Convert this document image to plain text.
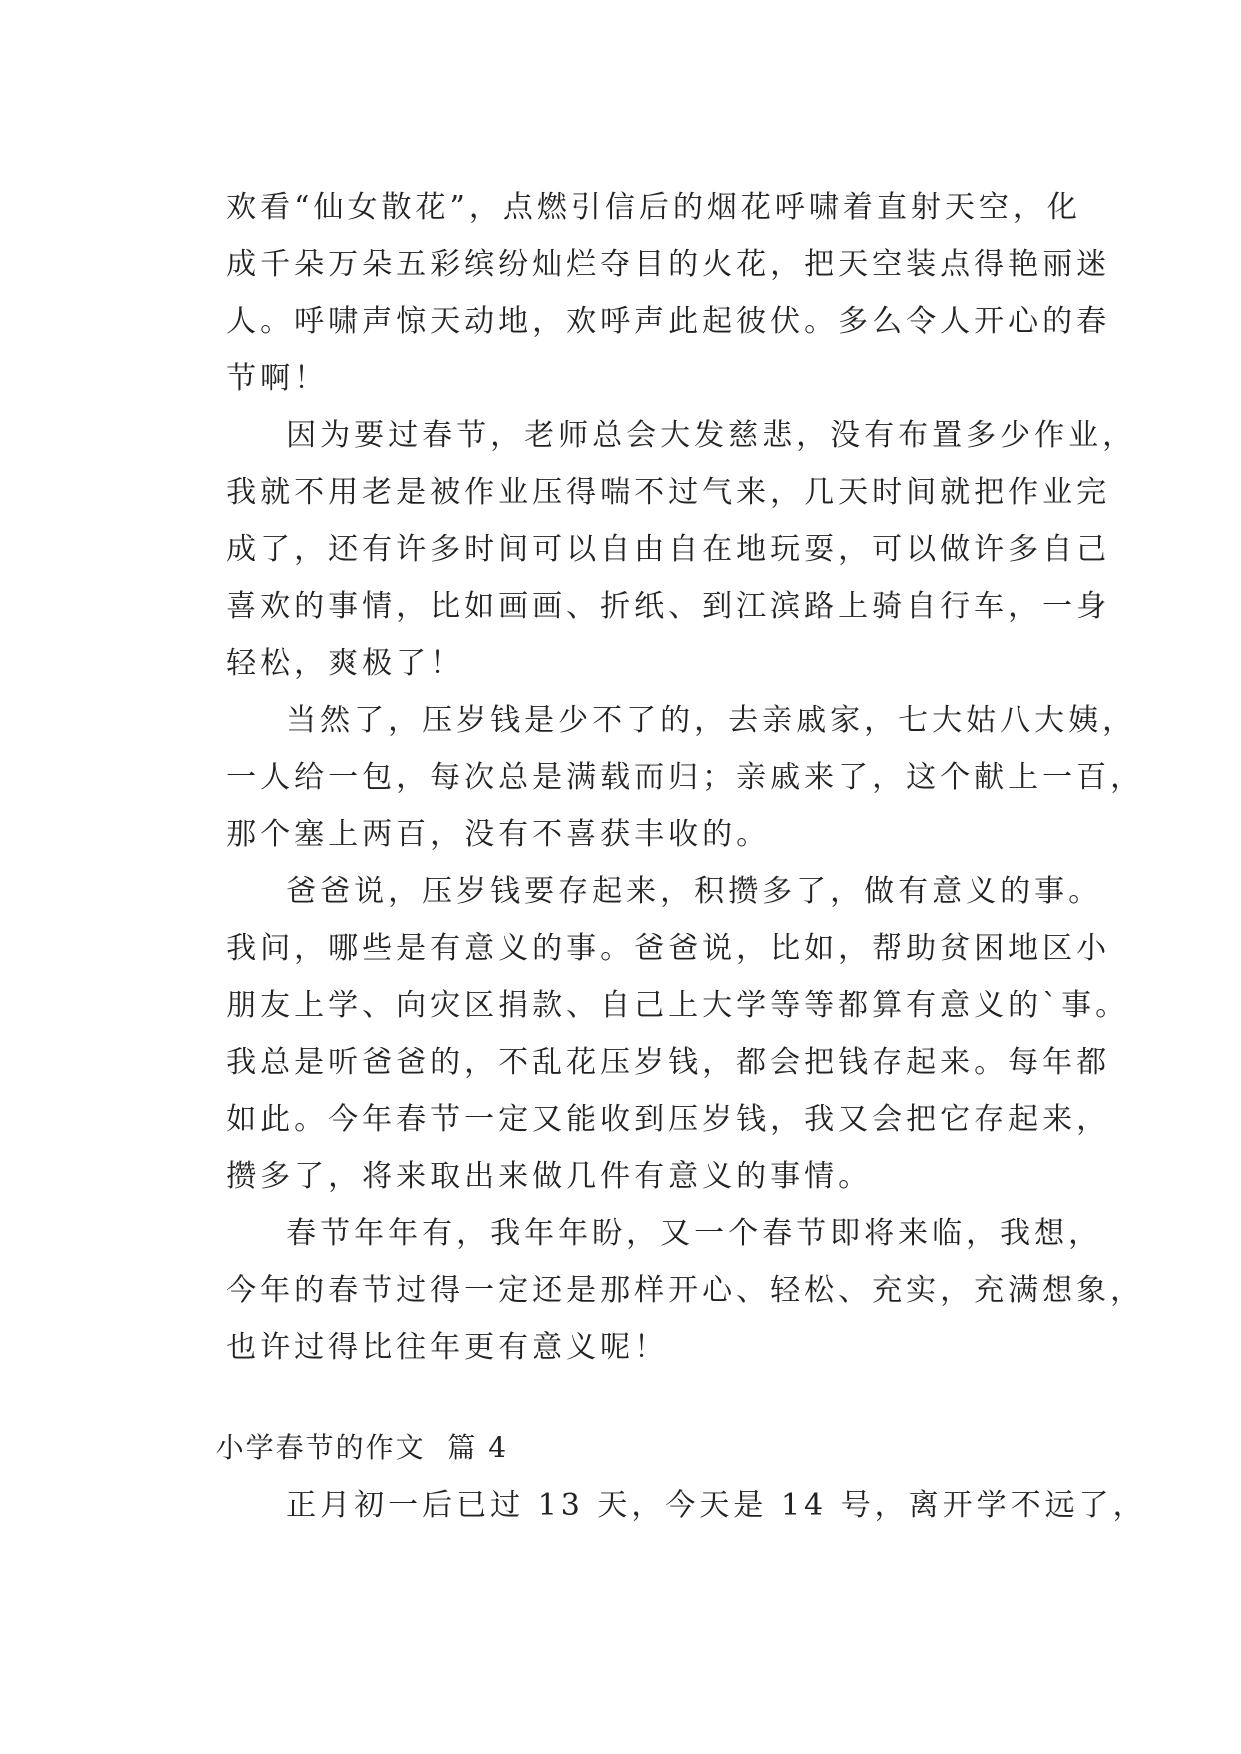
欢看“仙女散花”，点燃引信后的烟花呼啸着直射天空，化

成千朵万朵五彩缤纷灿烂夺目的火花，把天空装点得艳丽迷

人。呼啸声惊天动地，欢呼声此起彼伏。多么令人开心的春

节啊！

因为要过春节，老师总会大发慈悲，没有布置多少作业，

我就不用老是被作业压得喘不过气来，几天时间就把作业完

成了，还有许多时间可以自由自在地玩耍，可以做许多自己

喜欢的事情，比如画画、折纸、到江滨路上骑自行车，一身

轻松，爽极了！

当然了，压岁钱是少不了的，去亲戚家，七大姑八大姨，

一人给一包，每次总是满载而归；亲戚来了，这个献上一百，

那个塞上两百，没有不喜获丰收的。

爸爸说，压岁钱要存起来，积攒多了，做有意义的事。

我问，哪些是有意义的事。爸爸说，比如，帮助贫困地区小

朋友上学、向灾区捐款、自己上大学等等都算有意义的`事。

我总是听爸爸的，不乱花压岁钱，都会把钱存起来。每年都

如此。今年春节一定又能收到压岁钱，我又会把它存起来，

攒多了，将来取出来做几件有意义的事情。

春节年年有，我年年盼，又一个春节即将来临，我想，

今年的春节过得一定还是那样开心、轻松、充实，充满想象，

也许过得比往年更有意义呢！

小学春节的作文  篇 4

正月初一后已过 13 天，今天是 14 号，离开学不远了，
